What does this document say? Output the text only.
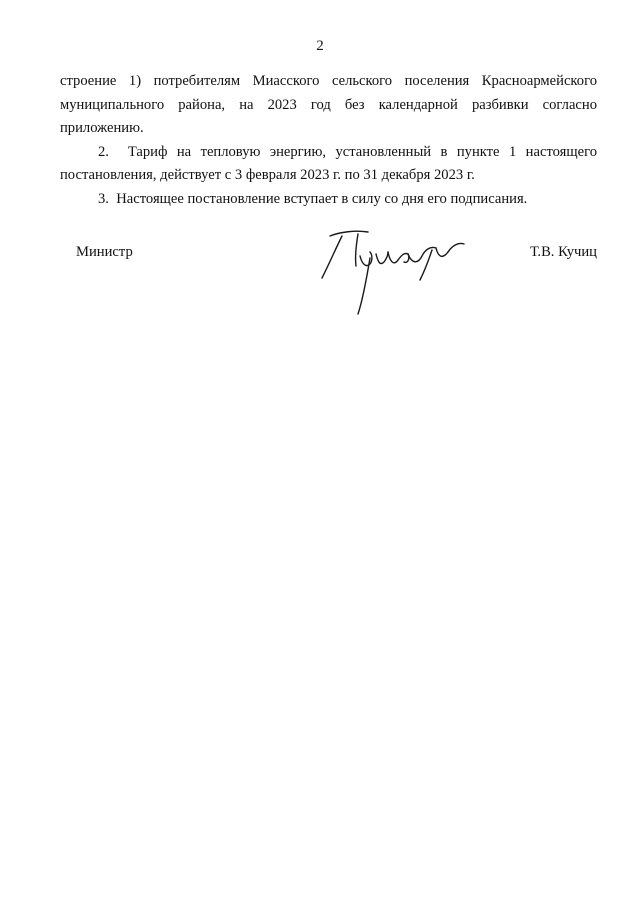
2

строение 1) потребителям Миасского сельского поселения Красноармейского муниципального района, на 2023 год без календарной разбивки согласно приложению.

2.  Тариф на тепловую энергию, установленный в пункте 1 настоящего постановления, действует с 3 февраля 2023 г. по 31 декабря 2023 г.

3.  Настоящее постановление вступает в силу со дня его подписания.

Министр	Т.В. Кучиц
